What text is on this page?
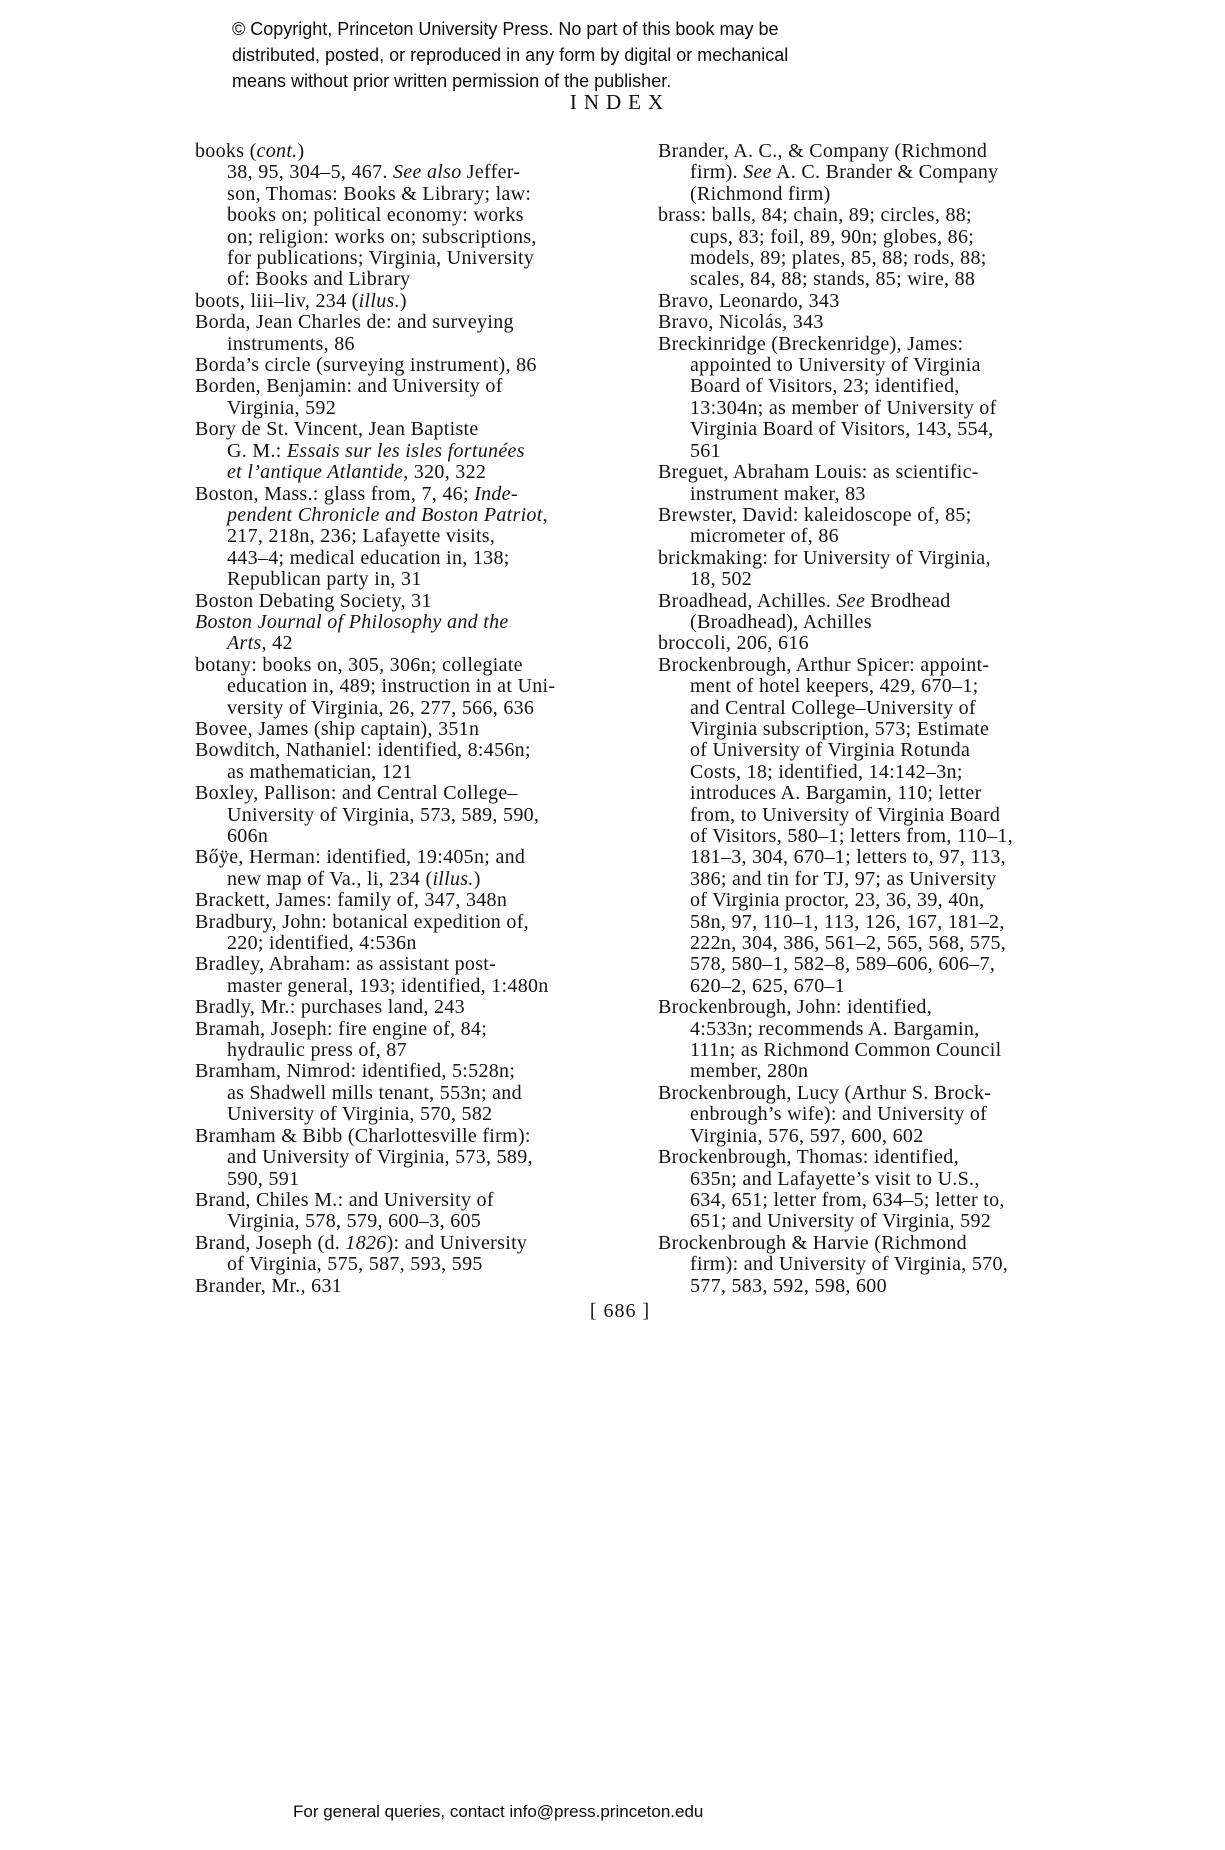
© Copyright, Princeton University Press. No part of this book may be
distributed, posted, or reproduced in any form by digital or mechanical
means without prior written permission of the publisher.
INDEX
books (cont.)
38, 95, 304–5, 467. See also Jeffer-
son, Thomas: Books & Library; law:
books on; political economy: works
on; religion: works on; subscriptions,
for publications; Virginia, University
of: Books and Library
boots, liii–liv, 234 (illus.)
Borda, Jean Charles de: and surveying
instruments, 86
Borda’s circle (surveying instrument), 86
Borden, Benjamin: and University of
Virginia, 592
Bory de St. Vincent, Jean Baptiste
G. M.: Essais sur les isles fortunées
et l’antique Atlantide, 320, 322
Boston, Mass.: glass from, 7, 46; Inde-
pendent Chronicle and Boston Patriot,
217, 218n, 236; Lafayette visits,
443–4; medical education in, 138;
Republican party in, 31
Boston Debating Society, 31
Boston Journal of Philosophy and the
Arts, 42
botany: books on, 305, 306n; collegiate
education in, 489; instruction in at Uni-
versity of Virginia, 26, 277, 566, 636
Bovee, James (ship captain), 351n
Bowditch, Nathaniel: identified, 8:456n;
as mathematician, 121
Boxley, Pallison: and Central College–
University of Virginia, 573, 589, 590,
606n
Bőÿe, Herman: identified, 19:405n; and
new map of Va., li, 234 (illus.)
Brackett, James: family of, 347, 348n
Bradbury, John: botanical expedition of,
220; identified, 4:536n
Bradley, Abraham: as assistant post-
master general, 193; identified, 1:480n
Bradly, Mr.: purchases land, 243
Bramah, Joseph: fire engine of, 84;
hydraulic press of, 87
Bramham, Nimrod: identified, 5:528n;
as Shadwell mills tenant, 553n; and
University of Virginia, 570, 582
Bramham & Bibb (Charlottesville firm):
and University of Virginia, 573, 589,
590, 591
Brand, Chiles M.: and University of
Virginia, 578, 579, 600–3, 605
Brand, Joseph (d. 1826): and University
of Virginia, 575, 587, 593, 595
Brander, Mr., 631
Brander, A. C., & Company (Richmond
firm). See A. C. Brander & Company
(Richmond firm)
brass: balls, 84; chain, 89; circles, 88;
cups, 83; foil, 89, 90n; globes, 86;
models, 89; plates, 85, 88; rods, 88;
scales, 84, 88; stands, 85; wire, 88
Bravo, Leonardo, 343
Bravo, Nicolás, 343
Breckinridge (Breckenridge), James:
appointed to University of Virginia
Board of Visitors, 23; identified,
13:304n; as member of University of
Virginia Board of Visitors, 143, 554,
561
Breguet, Abraham Louis: as scientific-
instrument maker, 83
Brewster, David: kaleidoscope of, 85;
micrometer of, 86
brickmaking: for University of Virginia,
18, 502
Broadhead, Achilles. See Brodhead
(Broadhead), Achilles
broccoli, 206, 616
Brockenbrough, Arthur Spicer: appoint-
ment of hotel keepers, 429, 670–1;
and Central College–University of
Virginia subscription, 573; Estimate
of University of Virginia Rotunda
Costs, 18; identified, 14:142–3n;
introduces A. Bargamin, 110; letter
from, to University of Virginia Board
of Visitors, 580–1; letters from, 110–1,
181–3, 304, 670–1; letters to, 97, 113,
386; and tin for TJ, 97; as University
of Virginia proctor, 23, 36, 39, 40n,
58n, 97, 110–1, 113, 126, 167, 181–2,
222n, 304, 386, 561–2, 565, 568, 575,
578, 580–1, 582–8, 589–606, 606–7,
620–2, 625, 670–1
Brockenbrough, John: identified,
4:533n; recommends A. Bargamin,
111n; as Richmond Common Council
member, 280n
Brockenbrough, Lucy (Arthur S. Brock-
enbrough’s wife): and University of
Virginia, 576, 597, 600, 602
Brockenbrough, Thomas: identified,
635n; and Lafayette’s visit to U.S.,
634, 651; letter from, 634–5; letter to,
651; and University of Virginia, 592
Brockenbrough & Harvie (Richmond
firm): and University of Virginia, 570,
577, 583, 592, 598, 600
[ 686 ]
For general queries, contact info@press.princeton.edu
